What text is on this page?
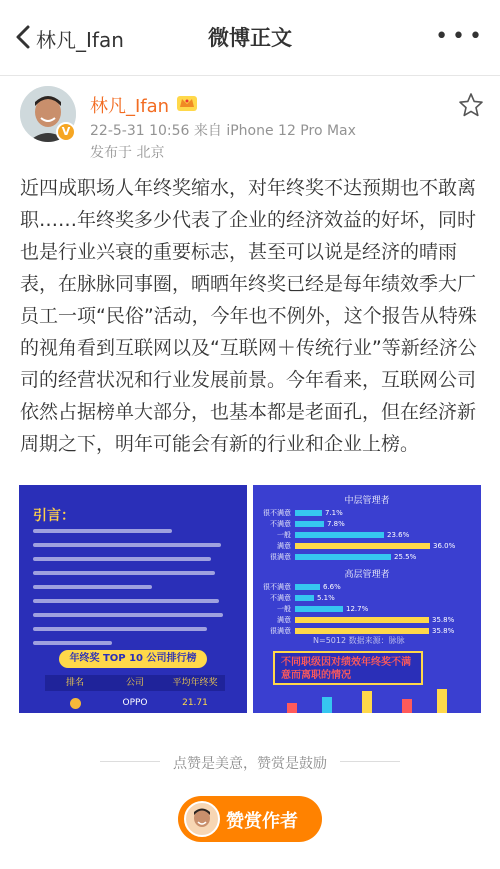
林凡_Ifan	微博正文	•••
V
林凡_Ifan
22-5-31 10:56 来自 iPhone 12 Pro Max
发布于 北京
近四成职场人年终奖缩水，对年终奖不达预期也不敢离职……年终奖多少代表了企业的经济效益的好坏，同时也是行业兴衰的重要标志，甚至可以说是经济的晴雨表，在脉脉同事圈，晒晒年终奖已经是每年绩效季大厂员工一项“民俗”活动，今年也不例外，这个报告从特殊的视角看到互联网以及“互联网＋传统行业”等新经济公司的经营状况和行业发展前景。今年看来，互联网公司依然占据榜单大部分，也基本都是老面孔，但在经济新周期之下，明年可能会有新的行业和企业上榜。
引言：
年终奖 TOP 10 公司排行榜
排名	公司	平均年终奖
OPPO	21.71
中层管理者
很不满意	7.1%
不满意	7.8%
一般	23.6%
满意	36.0%
很满意	25.5%
高层管理者
很不满意	6.6%
不满意	5.1%
一般	12.7%
满意	35.8%
很满意	35.8%
N=5012 数据来源：脉脉
不同职级因对绩效年终奖不满意而离职的情况
点赞是美意，赞赏是鼓励
赞赏作者
